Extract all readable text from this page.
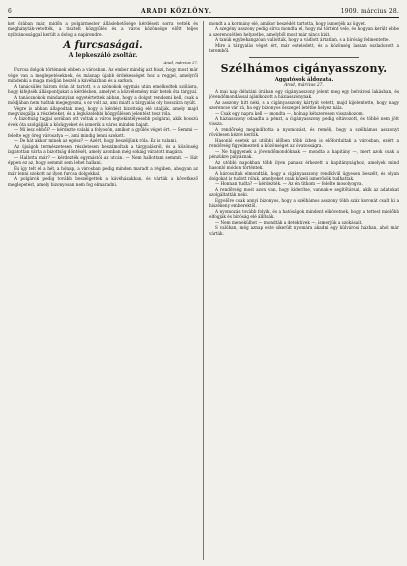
6	ARADI KÖZLÖNY.	1909. március 28.

ket órában már, midőn a polgármester álláslehetősége kérdéseit sorra vették és meghányták-vetették, a tisztelt közgyűlés és a város közönsége előtt teljes nyilvánossággal került a dolog a napirendre.

A furcsaságai.
A lepkeszáló zsoltár.
Arad, március 27.

Furcsa dolgok történnek ebben a városban. Az ember mindig azt hiszi, hogy most már vége van a meglepetéseknek, és másnap újabb érdekességet hoz a reggel, amelyről mindenki a maga módján beszél a kávéházban és a sarkon.

A tanácsülés három órán át tartott, s a szónokok egymás után emelkedtek szólásra, hogy kifejtsék álláspontjukat a kérdésben, amelyet a közvélemény már hetek óta tárgyal.

A tanácsnokok mindannyian egyetértettek abban, hogy a dolgot rendezni kell, csak a módjában nem tudtak megegyezni, s ez volt az, ami miatt a tárgyalás oly hosszúra nyúlt.

Végre is abban állapodtak meg, hogy a kérdést bizottság elé utalják, amely majd megvizsgálja a részleteket, és a legközelebbi közgyűlésen jelentést tesz róla.

A bizottság tagjai sorában ott voltak a város legtekintélyesebb polgárai, akik hosszú évek óta szolgálják a közügyeket és ismerik a város minden bajait.

— Mi lesz ebből? — kérdezte valaki a folyosón, amikor a gyűlés véget ért. — Semmi — felelte egy öreg városatya —, ami mindig lenni szokott.

— De hát akkor minek az egész? — Azért, hogy beszéljünk róla. Ez is valami.

Az újságok természetesen részletesen beszámoltak a tárgyalásról, és a közönség izgatottan várta a bizottság döntését, amely azonban még sokáig váratott magára.

— Hallotta már? — kérdezték egymástól az utcán. — Nem hallottam semmit. — Hát éppen ez az, hogy semmit sem lehet hallani.

És így telt el a hét, a hónap, a városban pedig minden maradt a régiben, ahogyan az már lenni szokott az ilyen furcsa dolgokkal.

A polgárok pedig tovább beszélgettek a kávéházakban, és várták a következő meglepetést, amely bizonyosan nem fog elmaradni.

mondt a a kormány elé, amikor beszédét tartotta, hogy ismerjék az ügyet.

A szegény asszony pedig sírva mondta el, hogy mi történt vele, és hogyan került ebbe a szerencsétlen helyzetbe, amelyből most már nincs kiút.

A tanúk egybehangzóan vallották, hogy a vádlott ártatlan, s a bíróság felmentette.

Mire a tárgyalás véget ért, már esteledett, és a közönség lassan oszladozott a teremből.

Szélhámos cigányasszony.
Aggatósok áldozata.
Arad, március 27.

A mai nap délutáni órában egy cigányasszony jelent meg egy belvárosi lakásban, és jövendőmondással ajánlkozott a háziasszonynak.

Az asszony hitt neki, s a cigányasszony kártyát vetett, majd kijelentette, hogy nagy szerencse vár rá, ha egy bizonyos összeget letétbe helyez nála.

— Csak egy napra kell — mondta —, holnap kétszeresen visszahozom.

A háziasszony odaadta a pénzt, a cigányasszony pedig eltávozott, és többé nem jött vissza.

A rendőrség megindította a nyomozást, és reméli, hogy a szélhámos asszonyt rövidesen kézre kerítik.

Hasonló esetek az utóbbi időben több ízben is előfordultak a városban, ezért a rendőrség figyelmezteti a közönséget az óvatosságra.

— Ne higgyenek a jövendőmondóknak — mondta a kapitány —, mert azok csak a pénzükre pályáznak.

Az utóbbi napokban több ilyen panasz érkezett a kapitánysághoz, amelyek mind hasonló módon történtek.

A károsultak elmondták, hogy a cigányasszony rendkívül ügyesen beszélt, és olyan dolgokat is tudott róluk, amelyeket csak közeli ismerősök tudhattak.

— Honnan tudta? — kérdezték. — Az én titkom — felelte mosolyogva.

A rendőrség most azon van, hogy kiderítse, vannak-e segítőtársai, akik az adatokat szolgáltatták neki.

Egyelőre csak annyi bizonyos, hogy a szélhámos asszony több száz koronát csalt ki a hiszékeny emberektől.

A nyomozás tovább folyik, és a hatóságok mindent elkövetnek, hogy a tettest mielőbb elfogják és bíróság elé állítsák.

— Nem menekülhet — mondták a detektívek —, ismerjük a szokásait.

S valóban, még aznap este sikerült nyomára akadni egy külvárosi házban, ahol már várták.
